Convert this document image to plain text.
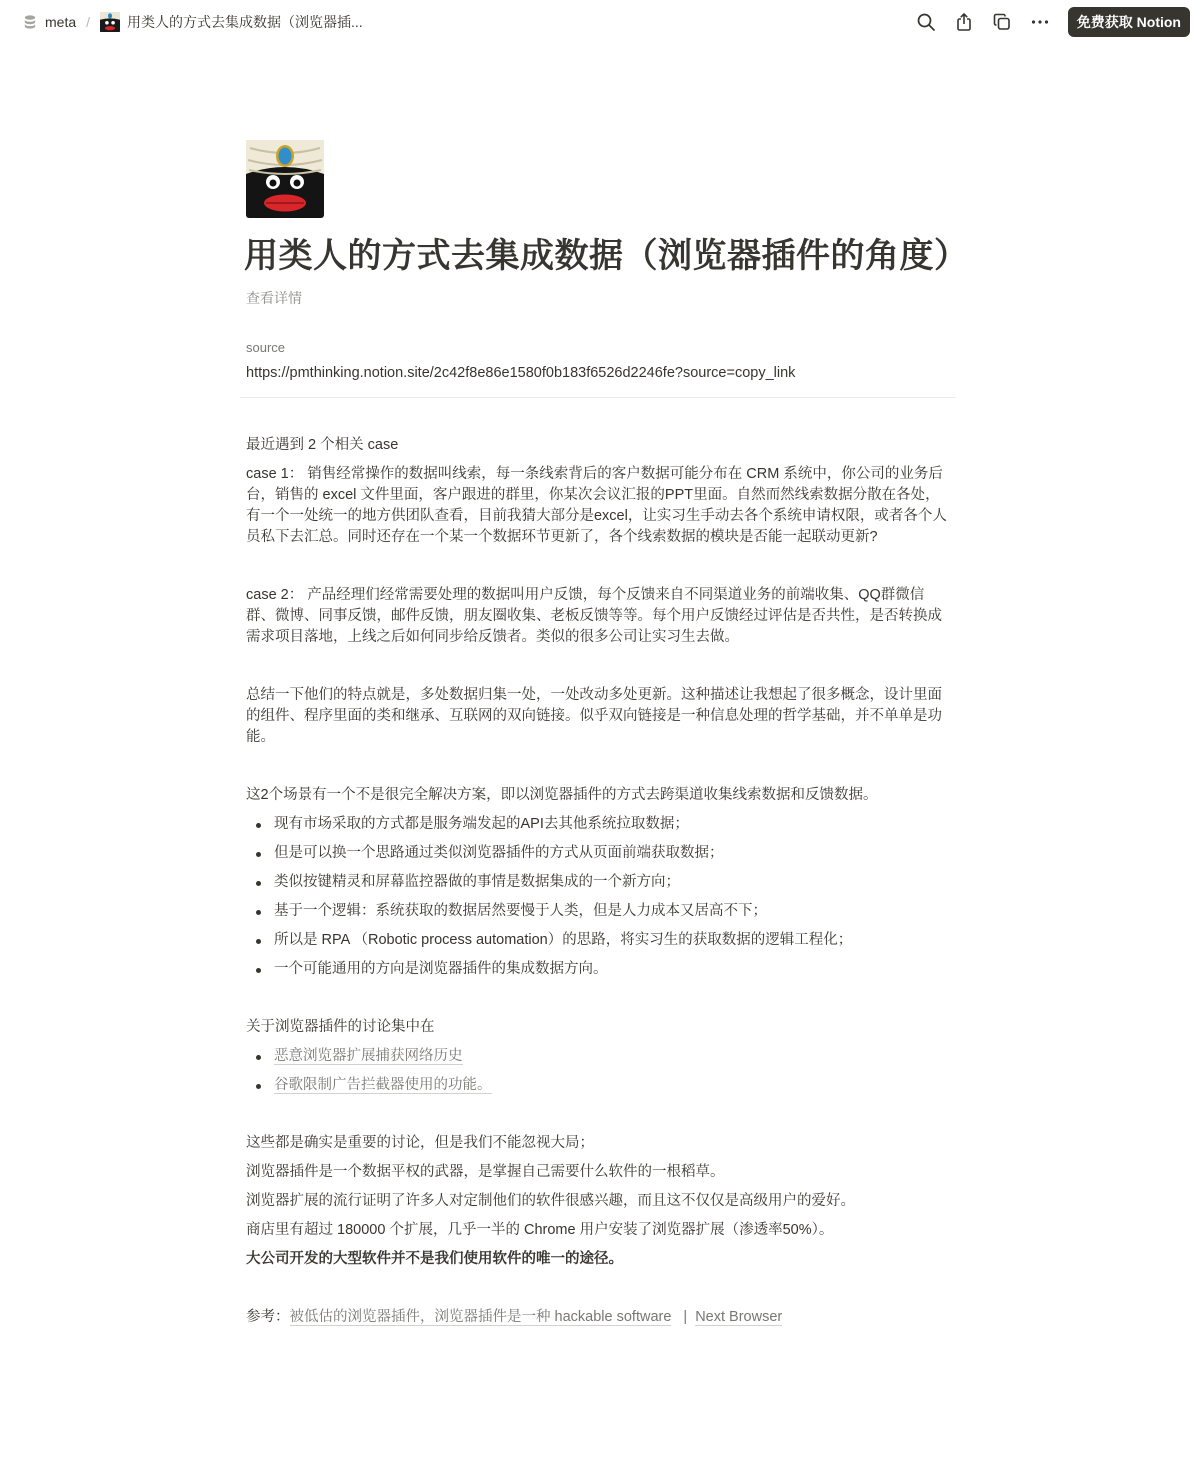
meta /	用类人的方式去集成数据（浏览器插...	免费获取 Notion
用类人的方式去集成数据（浏览器插件的角度）
查看详情
source
https://pmthinking.notion.site/2c42f8e86e1580f0b183f6526d2246fe?source=copy_link

最近遇到 2 个相关 case

case 1： 销售经常操作的数据叫线索，每一条线索背后的客户数据可能分布在 CRM 系统中，你公司的业务后台，销售的 excel 文件里面，客户跟进的群里，你某次会议汇报的PPT里面。自然而然线索数据分散在各处，有一个一处统一的地方供团队查看，目前我猜大部分是excel，让实习生手动去各个系统申请权限，或者各个人员私下去汇总。同时还存在一个某一个数据环节更新了，各个线索数据的模块是否能一起联动更新?

case 2： 产品经理们经常需要处理的数据叫用户反馈，每个反馈来自不同渠道业务的前端收集、QQ群微信群、微博、同事反馈，邮件反馈，朋友圈收集、老板反馈等等。每个用户反馈经过评估是否共性，是否转换成需求项目落地，上线之后如何同步给反馈者。类似的很多公司让实习生去做。

总结一下他们的特点就是，多处数据归集一处，一处改动多处更新。这种描述让我想起了很多概念，设计里面的组件、程序里面的类和继承、互联网的双向链接。似乎双向链接是一种信息处理的哲学基础，并不单单是功能。

这2个场景有一个不是很完全解决方案，即以浏览器插件的方式去跨渠道收集线索数据和反馈数据。

现有市场采取的方式都是服务端发起的API去其他系统拉取数据；
但是可以换一个思路通过类似浏览器插件的方式从页面前端获取数据；
类似按键精灵和屏幕监控器做的事情是数据集成的一个新方向；
基于一个逻辑：系统获取的数据居然要慢于人类，但是人力成本又居高不下；
所以是 RPA （Robotic process automation）的思路，将实习生的获取数据的逻辑工程化；
一个可能通用的方向是浏览器插件的集成数据方向。

关于浏览器插件的讨论集中在

恶意浏览器扩展捕获网络历史
谷歌限制广告拦截器使用的功能。

这些都是确实是重要的讨论，但是我们不能忽视大局；

浏览器插件是一个数据平权的武器，是掌握自己需要什么软件的一根稻草。

浏览器扩展的流行证明了许多人对定制他们的软件很感兴趣，而且这不仅仅是高级用户的爱好。

商店里有超过 180000 个扩展，几乎一半的 Chrome 用户安装了浏览器扩展（渗透率50%）。

大公司开发的大型软件并不是我们使用软件的唯一的途径。

参考：被低估的浏览器插件，浏览器插件是一种 hackable software | Next Browser
